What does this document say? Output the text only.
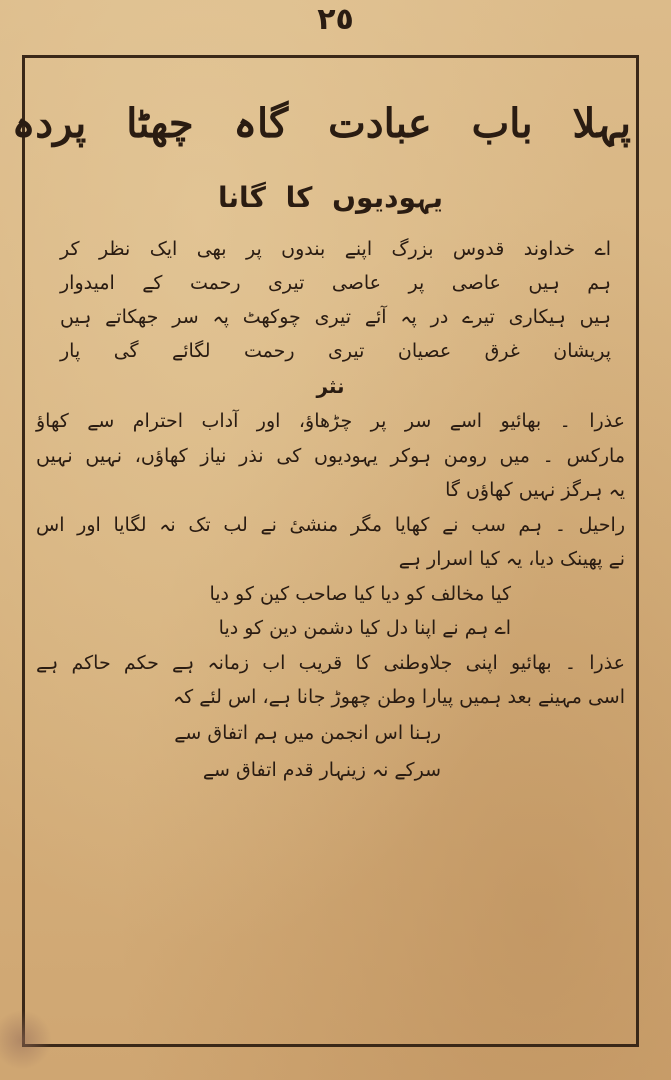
٢٥
پہلا باب عبادت گاہ چھٹا پردہ
یہودیوں کا گانا
اے خداوند قدوس بزرگ اپنے بندوں پر بھی ایک نظر کر
ہم ہیں عاصی پر عاصی تیری رحمت کے امیدوار
ہیں ہیکاری تیرے در پہ آئے تیری چوکھٹ پہ سر جھکاتے ہیں
پریشان غرق عصیان تیری رحمت لگائے گی پار
نثر
عذرا ۔ بھائیو اسے سر پر چڑھاؤ، اور آداب احترام سے کھاؤ
مارکس ۔ میں رومن ہوکر یہودیوں کی نذر نیاز کھاؤں، نہیں نہیں
یہ ہرگز نہیں کھاؤں گا
راحیل ۔ ہم سب نے کھایا مگر منشیٔ نے لب تک نہ لگایا اور اس
نے پھینک دیا، یہ کیا اسرار ہے
کیا مخالف کو دیا کیا صاحب کین کو دیا
اے ہم نے اپنا دل کیا دشمن دین کو دیا
عذرا ۔ بھائیو اپنی جلاوطنی کا قریب اب زمانہ ہے حکم حاکم ہے
اسی مہینے بعد ہمیں پیارا وطن چھوڑ جانا ہے، اس لئے کہ
رہنا اس انجمن میں ہم اتفاق سے
سرکے نہ زینہار قدم اتفاق سے
